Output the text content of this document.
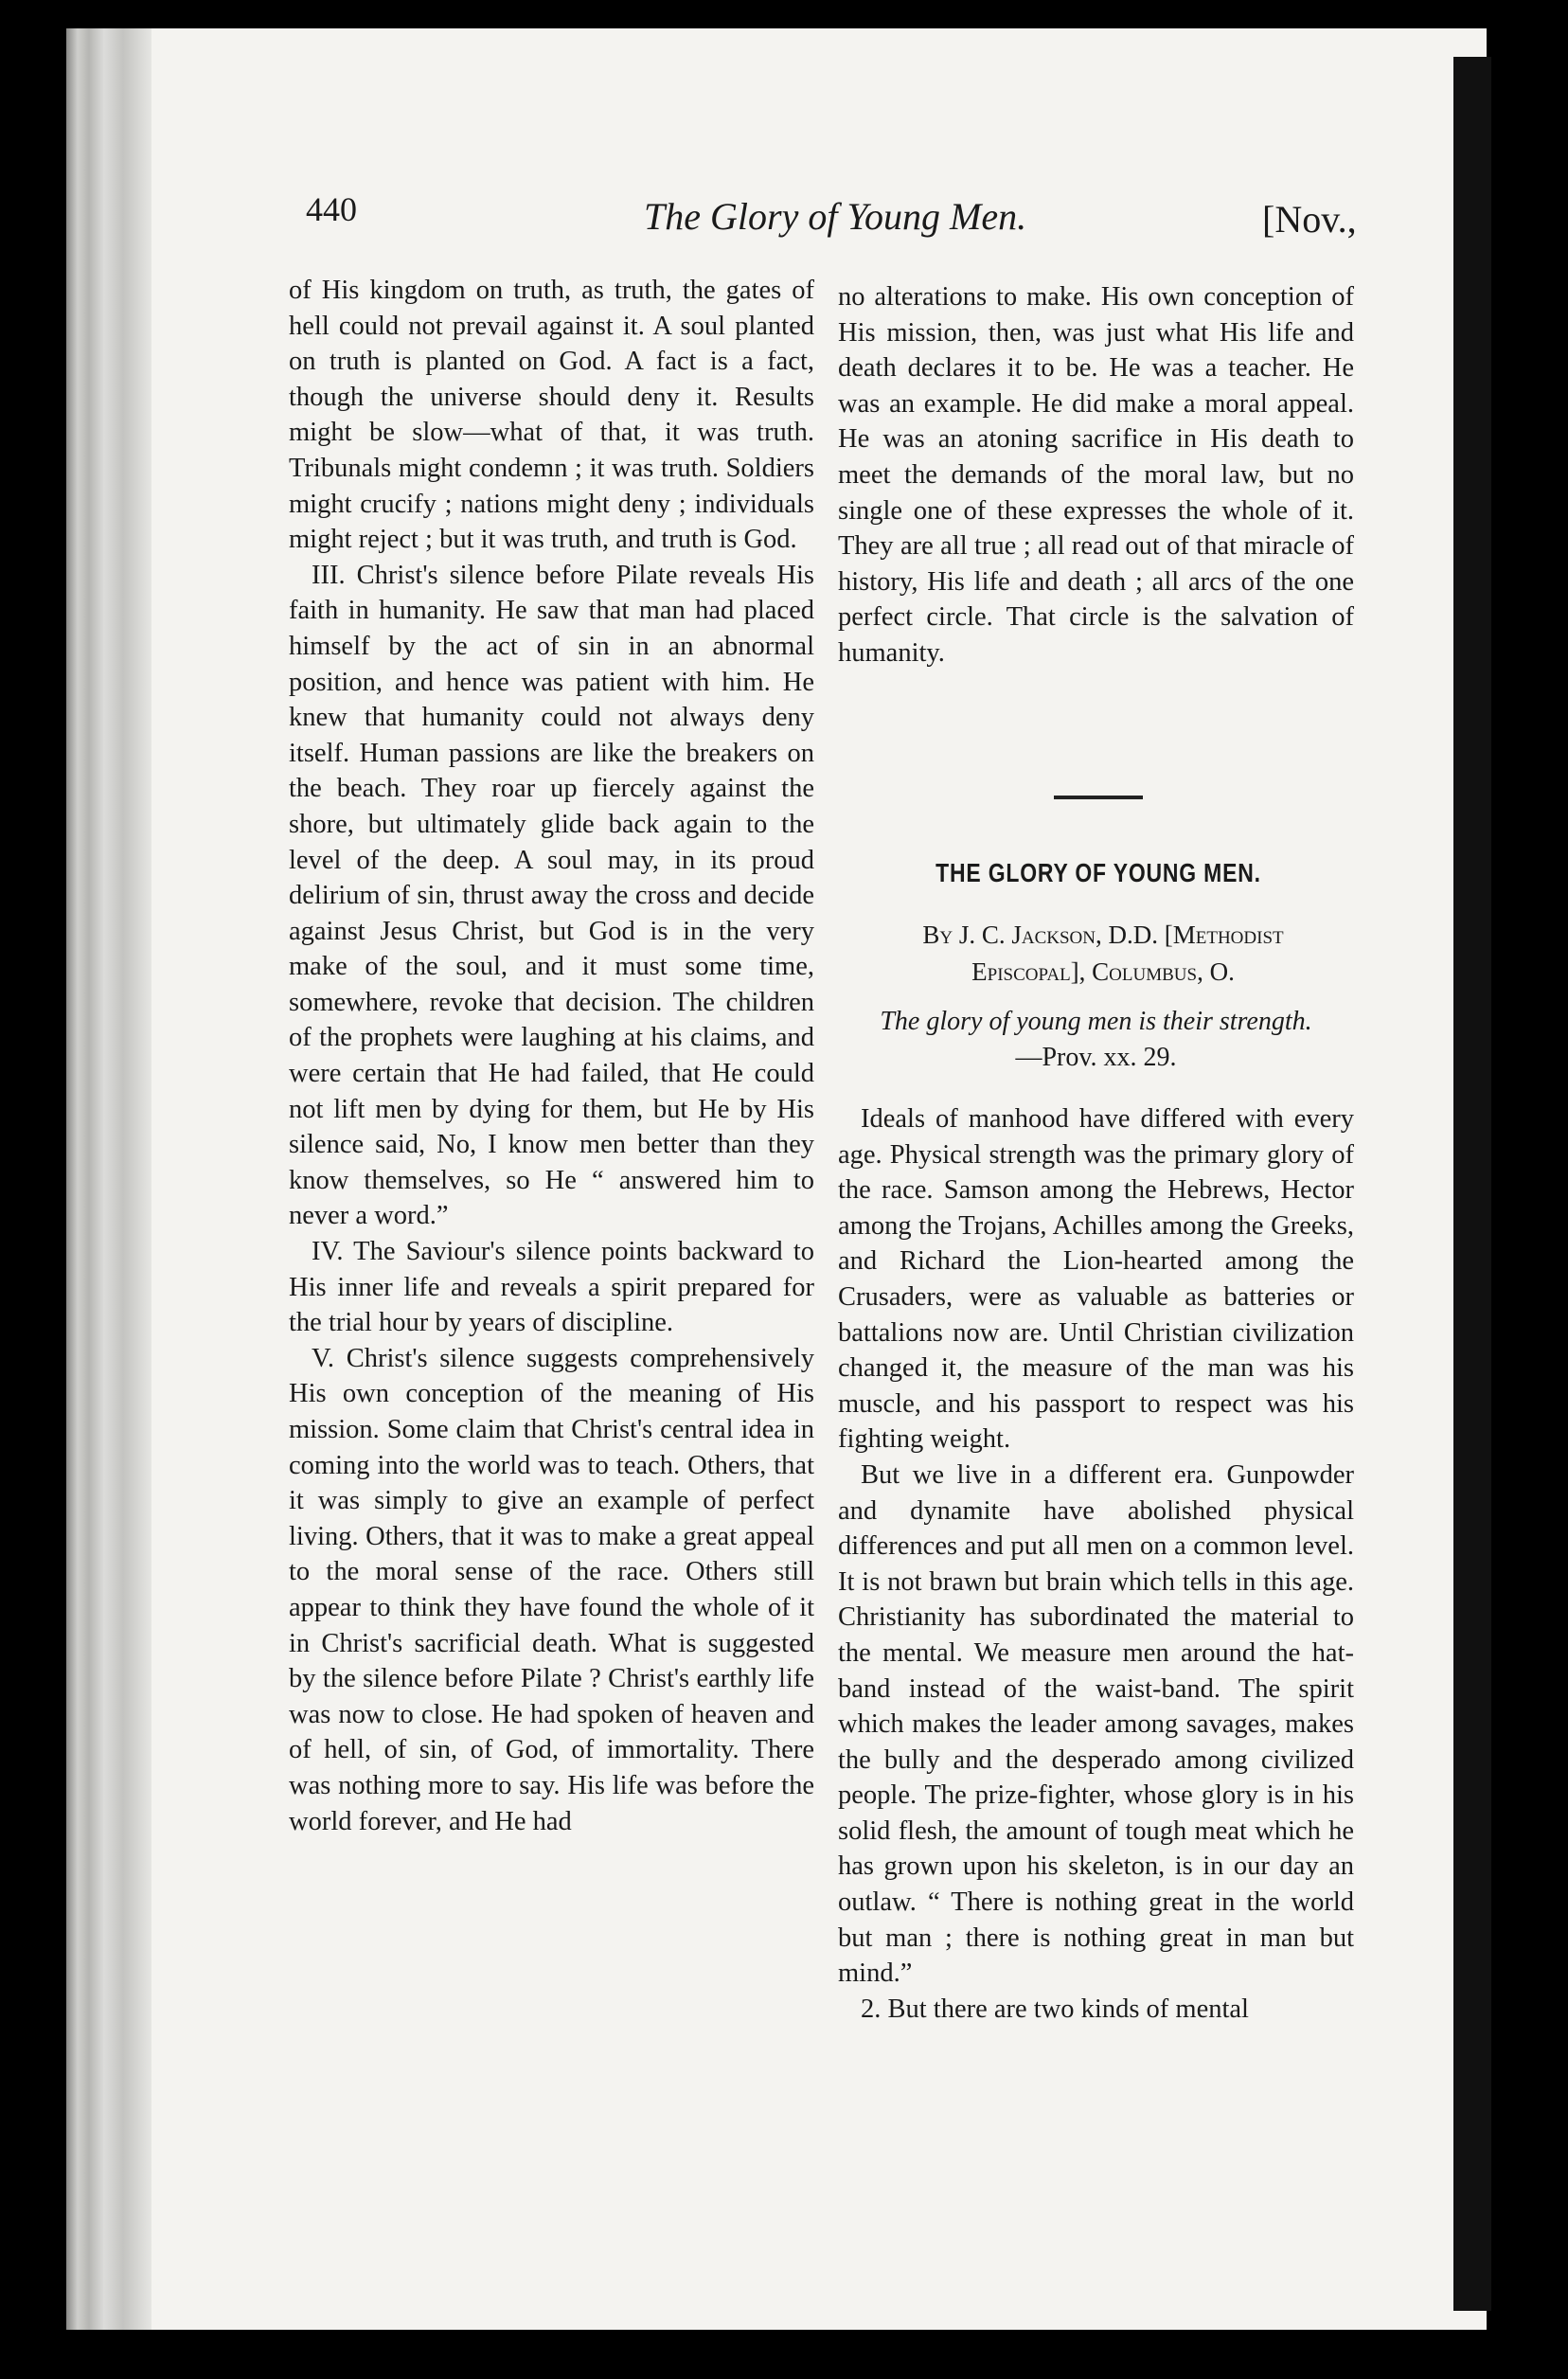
440	The Glory of Young Men.	[Nov.,

of His kingdom on truth, as truth, the gates of hell could not prevail against it. A soul planted on truth is planted on God. A fact is a fact, though the universe should deny it. Results might be slow—what of that, it was truth. Tribunals might condemn ; it was truth. Soldiers might crucify ; nations might deny ; individuals might reject ; but it was truth, and truth is God.

III. Christ's silence before Pilate reveals His faith in humanity. He saw that man had placed himself by the act of sin in an abnormal position, and hence was patient with him. He knew that humanity could not always deny itself. Human passions are like the breakers on the beach. They roar up fiercely against the shore, but ultimately glide back again to the level of the deep. A soul may, in its proud delirium of sin, thrust away the cross and decide against Jesus Christ, but God is in the very make of the soul, and it must some time, somewhere, revoke that decision. The children of the prophets were laughing at his claims, and were certain that He had failed, that He could not lift men by dying for them, but He by His silence said, No, I know men better than they know themselves, so He “ answered him to never a word.”

IV. The Saviour's silence points backward to His inner life and reveals a spirit prepared for the trial hour by years of discipline.

V. Christ's silence suggests comprehensively His own conception of the meaning of His mission. Some claim that Christ's central idea in coming into the world was to teach. Others, that it was simply to give an example of perfect living. Others, that it was to make a great appeal to the moral sense of the race. Others still appear to think they have found the whole of it in Christ's sacrificial death. What is suggested by the silence before Pilate ? Christ's earthly life was now to close. He had spoken of heaven and of hell, of sin, of God, of immortality. There was nothing more to say. His life was before the world forever, and He had

no alterations to make. His own conception of His mission, then, was just what His life and death declares it to be. He was a teacher. He was an example. He did make a moral appeal. He was an atoning sacrifice in His death to meet the demands of the moral law, but no single one of these expresses the whole of it. They are all true ; all read out of that miracle of history, His life and death ; all arcs of the one perfect circle. That circle is the salvation of humanity.

THE GLORY OF YOUNG MEN.
By J. C. Jackson, D.D. [Methodist
Episcopal], Columbus, O.
The glory of young men is their strength.
—Prov. xx. 29.

Ideals of manhood have differed with every age. Physical strength was the primary glory of the race. Samson among the Hebrews, Hector among the Trojans, Achilles among the Greeks, and Richard the Lion-hearted among the Crusaders, were as valuable as batteries or battalions now are. Until Christian civilization changed it, the measure of the man was his muscle, and his passport to respect was his fighting weight.

But we live in a different era. Gunpowder and dynamite have abolished physical differences and put all men on a common level. It is not brawn but brain which tells in this age. Christianity has subordinated the material to the mental. We measure men around the hat-band instead of the waist-band. The spirit which makes the leader among savages, makes the bully and the desperado among civilized people. The prize-fighter, whose glory is in his solid flesh, the amount of tough meat which he has grown upon his skeleton, is in our day an outlaw. “ There is nothing great in the world but man ; there is nothing great in man but mind.”

2. But there are two kinds of mental
